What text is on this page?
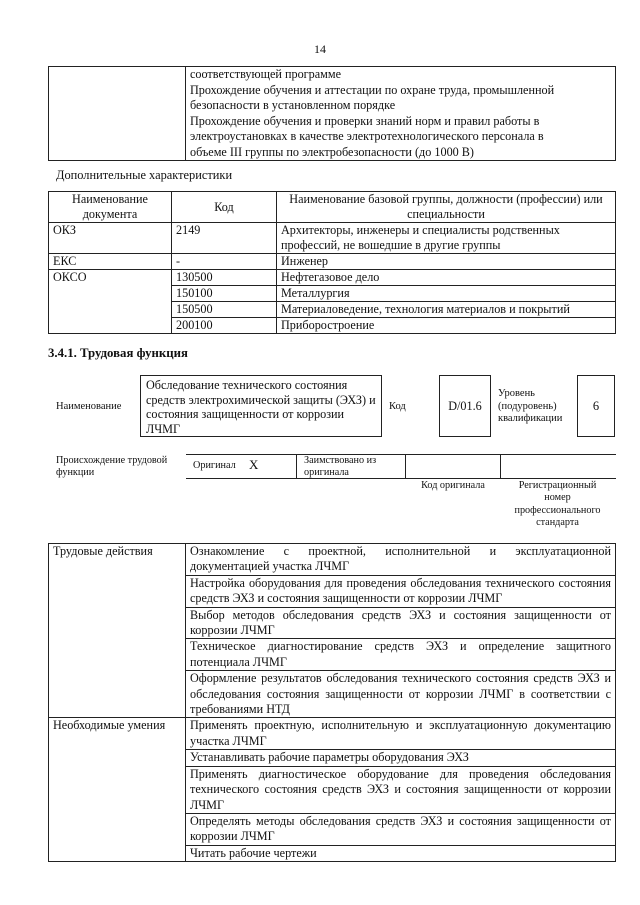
14

соответствующей программе
Прохождение обучения и аттестации по охране труда, промышленной
безопасности в установленном порядке
Прохождение обучения и проверки знаний норм и правил работы в
электроустановках в качестве электротехнологического персонала в
объеме III группы по электробезопасности (до 1000 В)
Дополнительные характеристики
Наименование документа	Код	Наименование базовой группы, должности (профессии) или специальности
ОКЗ	2149	Архитекторы, инженеры и специалисты родственных профессий, не вошедшие в другие группы
ЕКС	-	Инженер
ОКСО	130500	Нефтегазовое дело
	150100	Металлургия
	150500	Материаловедение, технология материалов и покрытий
	200100	Приборостроение
3.4.1. Трудовая функция
Наименование
Обследование технического состояния средств электрохимической защиты (ЭХЗ) и состояния защищенности от коррозии ЛЧМГ
Код	D/01.6
Уровень (подуровень) квалификации
6
Происхождение трудовой функции
Оригинал X	Заимствовано из оригинала
Код оригинала	Регистрационный номер профессионального стандарта
Трудовые действия	Ознакомление с проектной, исполнительной и эксплуатационной документацией участка ЛЧМГ
	Настройка оборудования для проведения обследования технического состояния средств ЭХЗ и состояния защищенности от коррозии ЛЧМГ
	Выбор методов обследования средств ЭХЗ и состояния защищенности от коррозии ЛЧМГ
	Техническое диагностирование средств ЭХЗ и определение защитного потенциала ЛЧМГ
	Оформление результатов обследования технического состояния средств ЭХЗ и обследования состояния защищенности от коррозии ЛЧМГ в соответствии с требованиями НТД
Необходимые умения	Применять проектную, исполнительную и эксплуатационную документацию участка ЛЧМГ
	Устанавливать рабочие параметры оборудования ЭХЗ
	Применять диагностическое оборудование для проведения обследования технического состояния средств ЭХЗ и состояния защищенности от коррозии ЛЧМГ
	Определять методы обследования средств ЭХЗ и состояния защищенности от коррозии ЛЧМГ
	Читать рабочие чертежи
